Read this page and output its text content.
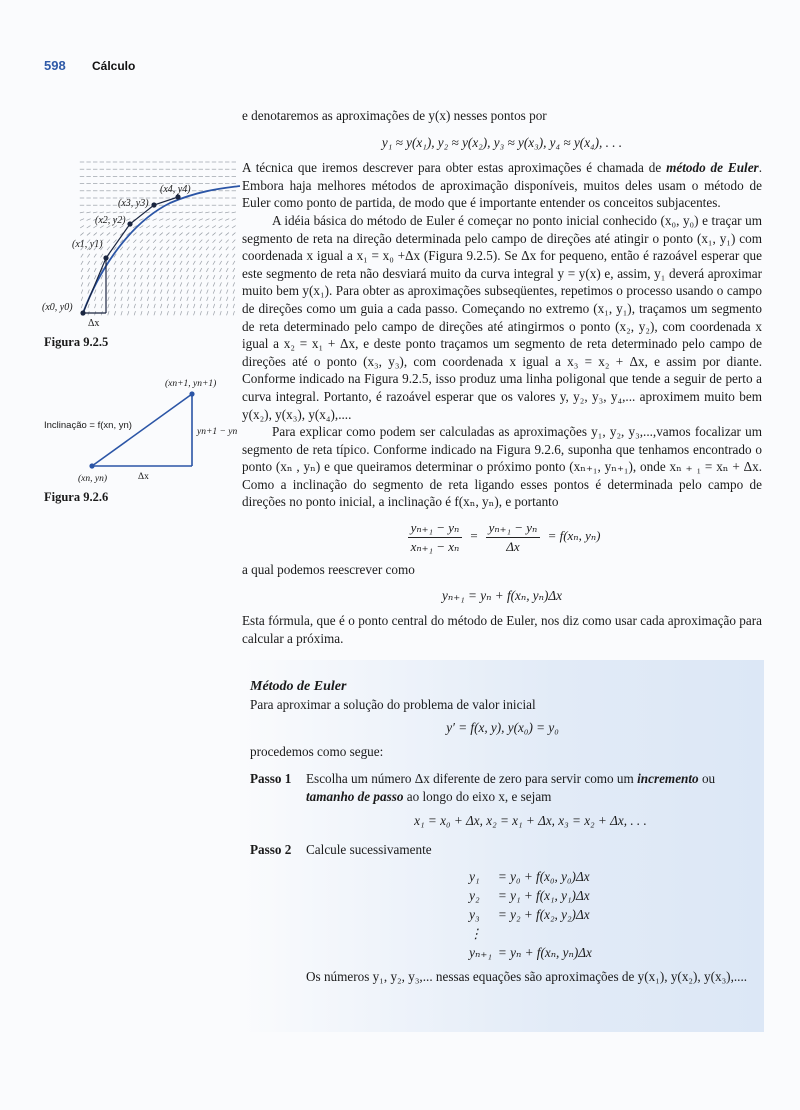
598 Cálculo
(x0, y0)
(x1, y1)
(x2, y2)
(x3, y3)
(x4, y4)
Δx
Figura 9.2.5
Inclinação = f(xn, yn)
(xn, yn)
(xn+1, yn+1)
yn+1 − yn
Δx
Figura 9.2.6

e denotaremos as aproximações de y(x) nesses pontos por

y₁ ≈ y(x₁), y₂ ≈ y(x₂), y₃ ≈ y(x₃), y₄ ≈ y(x₄), . . .

A técnica que iremos descrever para obter estas aproximações é chamada de método de Euler. Embora haja melhores métodos de aproximação disponíveis, muitos deles usam o método de Euler como ponto de partida, de modo que é importante entender os conceitos subjacentes.

A idéia básica do método de Euler é começar no ponto inicial conhecido (x₀, y₀) e traçar um segmento de reta na direção determinada pelo campo de direções até atingir o ponto (x₁, y₁) com coordenada x igual a x₁ = x₀ +Δx (Figura 9.2.5). Se Δx for pequeno, então é razoável esperar que este segmento de reta não desviará muito da curva integral y = y(x) e, assim, y₁ deverá aproximar muito bem y(x₁). Para obter as aproximações subseqüentes, repetimos o processo usando o campo de direções como um guia a cada passo. Começando no extremo (x₁, y₁), traçamos um segmento de reta determinado pelo campo de direções até atingirmos o ponto (x₂, y₂), com coordenada x igual a x₂ = x₁ + Δx, e deste ponto traçamos um segmento de reta determinado pelo campo de direções até o ponto (x₃, y₃), com coordenada x igual a x₃ = x₂ + Δx, e assim por diante. Conforme indicado na Figura 9.2.5, isso produz uma linha poligonal que tende a seguir de perto a curva integral. Portanto, é razoável esperar que os valores y, y₂, y₃, y₄,... aproximem muito bem y(x₂), y(x₃), y(x₄),....

Para explicar como podem ser calculadas as aproximações y₁, y₂, y₃,...,vamos focalizar um segmento de reta típico. Conforme indicado na Figura 9.2.6, suponha que tenhamos encontrado o ponto (xₙ , yₙ) e que queiramos determinar o próximo ponto (xₙ₊₁, yₙ₊₁), onde xₙ ₊ ₁ = xₙ + Δx. Como a inclinação do segmento de reta ligando esses pontos é determinada pelo campo de direções no ponto inicial, a inclinação é f(xₙ, yₙ), e portanto

$\frac{\text{yₙ₊₁ − yₙ}}{\text{xₙ₊₁ − xₙ}} = \frac{\text{yₙ₊₁ − yₙ}}{\Delta x} = f(x_n$, yₙ)

a qual podemos reescrever como

yₙ₊₁ = yₙ + f(xₙ, yₙ)Δx

Esta fórmula, que é o ponto central do método de Euler, nos diz como usar cada aproximação para calcular a próxima.

Método de Euler
Para aproximar a solução do problema de valor inicial
y′ = f(x, y), y(x₀) = y₀
procedemos como segue:
Passo 1 Escolha um número Δx diferente de zero para servir como um incremento ou tamanho de passo ao longo do eixo x, e sejam
x₁ = x₀ + Δx, x₂ = x₁ + Δx, x₃ = x₂ + Δx, . . .
Passo 2 Calcule sucessivamente
y₁	= y₀ + f(x₀, y₀)Δx
y₂	= y₁ + f(x₁, y₁)Δx
y₃	= y₂ + f(x₂, y₂)Δx
⋮
yₙ₊₁ = yₙ + f(xₙ, yₙ)Δx
Os números y₁, y₂, y₃,... nessas equações são aproximações de y(x₁), y(x₂), y(x₃),....
